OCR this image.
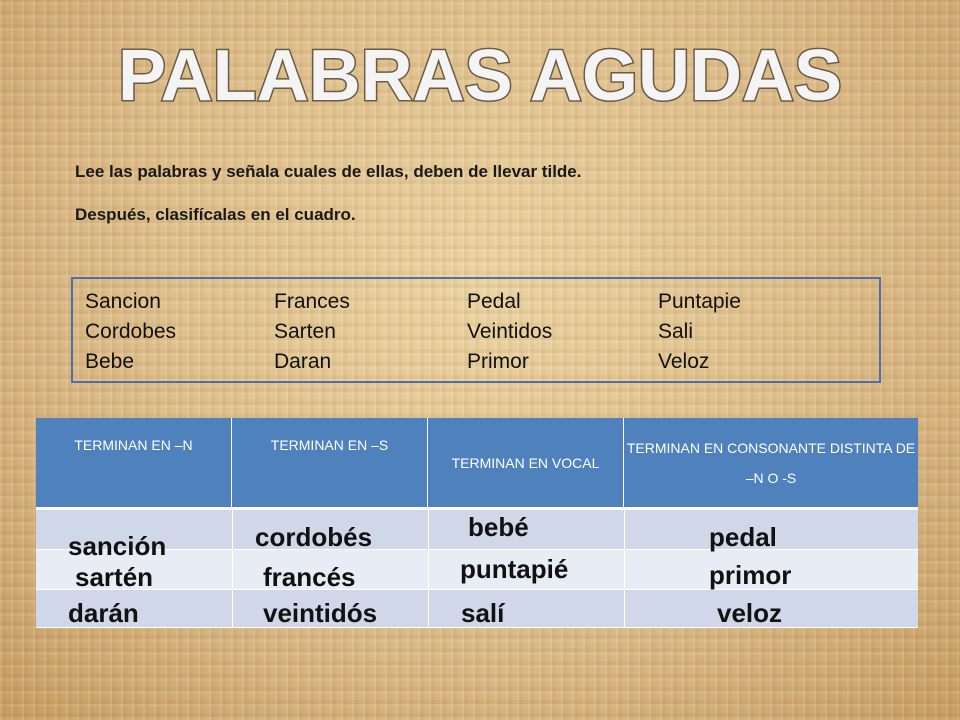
PALABRAS AGUDAS
Lee las palabras y señala cuales de ellas, deben de llevar tilde.
Después, clasifícalas en el cuadro.
Sancion
Cordobes
Bebe
Frances
Sarten
Daran
Pedal
Veintidos
Primor
Puntapie
Sali
Veloz
TERMINAN EN –N	TERMINAN EN –S
TERMINAN EN VOCAL
TERMINAN EN CONSONANTE DISTINTA DE –N O -S
sanción
sartén
darán
cordobés
francés
veintidós
bebé
puntapié
salí
pedal
primor
veloz
